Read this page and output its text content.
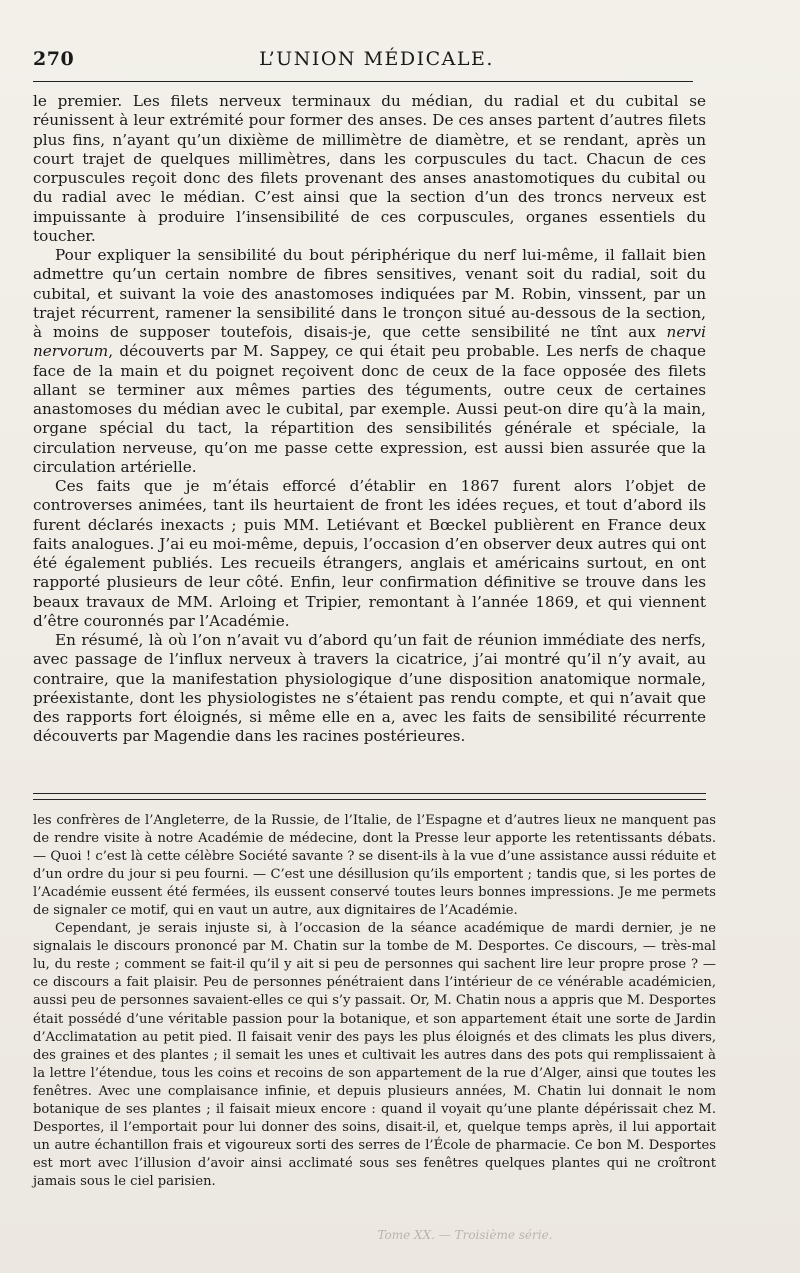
270	L’UNION MÉDICALE.

le premier. Les filets nerveux terminaux du médian, du radial et du cubital se réunissent à leur extrémité pour former des anses. De ces anses partent d’autres filets plus fins, n’ayant qu’un dixième de millimètre de diamètre, et se rendant, après un court trajet de quelques millimètres, dans les corpuscules du tact. Chacun de ces corpuscules reçoit donc des filets provenant des anses anastomotiques du cubital ou du radial avec le médian. C’est ainsi que la section d’un des troncs nerveux est impuissante à produire l’insensibilité de ces corpuscules, organes essentiels du toucher.

Pour expliquer la sensibilité du bout périphérique du nerf lui-même, il fallait bien admettre qu’un certain nombre de fibres sensitives, venant soit du radial, soit du cubital, et suivant la voie des anastomoses indiquées par M. Robin, vinssent, par un trajet récurrent, ramener la sensibilité dans le tronçon situé au-dessous de la section, à moins de supposer toutefois, disais-je, que cette sensibilité ne tînt aux nervi nervorum, découverts par M. Sappey, ce qui était peu probable. Les nerfs de chaque face de la main et du poignet reçoivent donc de ceux de la face opposée des filets allant se terminer aux mêmes parties des téguments, outre ceux de certaines anastomoses du médian avec le cubital, par exemple. Aussi peut-on dire qu’à la main, organe spécial du tact, la répartition des sensibilités générale et spéciale, la circulation nerveuse, qu’on me passe cette expression, est aussi bien assurée que la circulation artérielle.

Ces faits que je m’étais efforcé d’établir en 1867 furent alors l’objet de controverses animées, tant ils heurtaient de front les idées reçues, et tout d’abord ils furent déclarés inexacts ; puis MM. Letiévant et Bœckel publièrent en France deux faits analogues. J’ai eu moi-même, depuis, l’occasion d’en observer deux autres qui ont été également publiés. Les recueils étrangers, anglais et américains surtout, en ont rapporté plusieurs de leur côté. Enfin, leur confirmation définitive se trouve dans les beaux travaux de MM. Arloing et Tripier, remontant à l’année 1869, et qui viennent d’être couronnés par l’Académie.

En résumé, là où l’on n’avait vu d’abord qu’un fait de réunion immédiate des nerfs, avec passage de l’influx nerveux à travers la cicatrice, j’ai montré qu’il n’y avait, au contraire, que la manifestation physiologique d’une disposition anatomique normale, préexistante, dont les physiologistes ne s’étaient pas rendu compte, et qui n’avait que des rapports fort éloignés, si même elle en a, avec les faits de sensibilité récurrente découverts par Magendie dans les racines postérieures.

les confrères de l’Angleterre, de la Russie, de l’Italie, de l’Espagne et d’autres lieux ne manquent pas de rendre visite à notre Académie de médecine, dont la Presse leur apporte les retentissants débats. — Quoi ! c’est là cette célèbre Société savante ? se disent-ils à la vue d’une assistance aussi réduite et d’un ordre du jour si peu fourni. — C’est une désillusion qu’ils emportent ; tandis que, si les portes de l’Académie eussent été fermées, ils eussent conservé toutes leurs bonnes impressions. Je me permets de signaler ce motif, qui en vaut un autre, aux dignitaires de l’Académie.

Cependant, je serais injuste si, à l’occasion de la séance académique de mardi dernier, je ne signalais le discours prononcé par M. Chatin sur la tombe de M. Desportes. Ce discours, — très-mal lu, du reste ; comment se fait-il qu’il y ait si peu de personnes qui sachent lire leur propre prose ? — ce discours a fait plaisir. Peu de personnes pénétraient dans l’intérieur de ce vénérable académicien, aussi peu de personnes savaient-elles ce qui s’y passait. Or, M. Chatin nous a appris que M. Desportes était possédé d’une véritable passion pour la botanique, et son appartement était une sorte de Jardin d’Acclimatation au petit pied. Il faisait venir des pays les plus éloignés et des climats les plus divers, des graines et des plantes ; il semait les unes et cultivait les autres dans des pots qui remplissaient à la lettre l’étendue, tous les coins et recoins de son appartement de la rue d’Alger, ainsi que toutes les fenêtres. Avec une complaisance infinie, et depuis plusieurs années, M. Chatin lui donnait le nom botanique de ses plantes ; il faisait mieux encore : quand il voyait qu’une plante dépérissait chez M. Desportes, il l’emportait pour lui donner des soins, disait-il, et, quelque temps après, il lui apportait un autre échantillon frais et vigoureux sorti des serres de l’École de pharmacie. Ce bon M. Desportes est mort avec l’illusion d’avoir ainsi acclimaté sous ses fenêtres quelques plantes qui ne croîtront jamais sous le ciel parisien.

Tome XX. — Troisième série.
